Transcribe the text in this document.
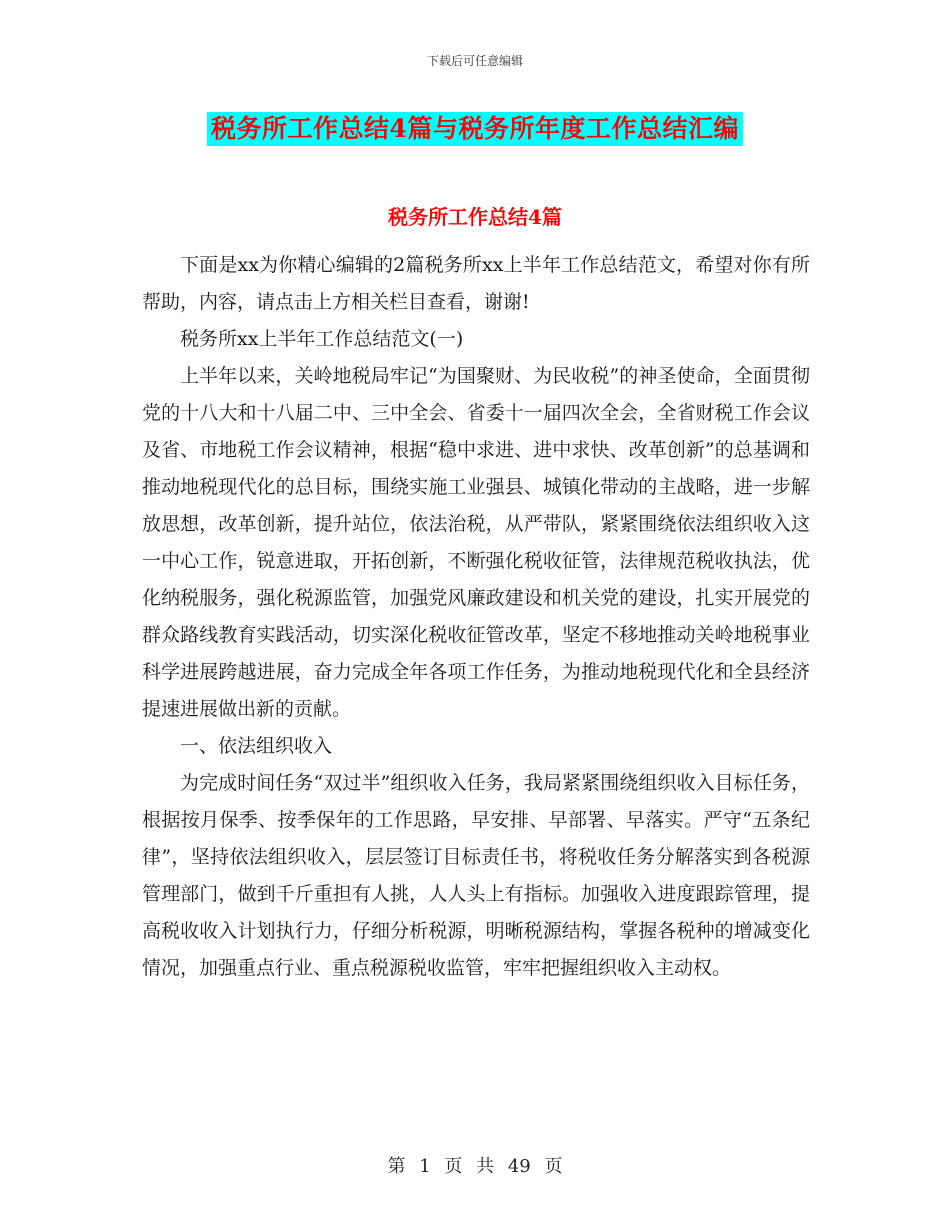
下载后可任意编辑
税务所工作总结4篇与税务所年度工作总结汇编
税务所工作总结4篇

下面是xx为你精心编辑的2篇税务所xx上半年工作总结范文，希望对你有所帮助，内容，请点击上方相关栏目查看，谢谢!

税务所xx上半年工作总结范文(一)

上半年以来，关岭地税局牢记“为国聚财、为民收税”的神圣使命，全面贯彻党的十八大和十八届二中、三中全会、省委十一届四次全会，全省财税工作会议及省、市地税工作会议精神，根据“稳中求进、进中求快、改革创新”的总基调和推动地税现代化的总目标，围绕实施工业强县、城镇化带动的主战略，进一步解放思想，改革创新，提升站位，依法治税，从严带队，紧紧围绕依法组织收入这一中心工作，锐意进取，开拓创新，不断强化税收征管，法律规范税收执法，优化纳税服务，强化税源监管，加强党风廉政建设和机关党的建设，扎实开展党的群众路线教育实践活动，切实深化税收征管改革，坚定不移地推动关岭地税事业科学进展跨越进展，奋力完成全年各项工作任务，为推动地税现代化和全县经济提速进展做出新的贡献。

一、依法组织收入

为完成时间任务“双过半”组织收入任务，我局紧紧围绕组织收入目标任务，根据按月保季、按季保年的工作思路，早安排、早部署、早落实。严守“五条纪律”，坚持依法组织收入，层层签订目标责任书，将税收任务分解落实到各税源管理部门，做到千斤重担有人挑，人人头上有指标。加强收入进度跟踪管理，提高税收收入计划执行力，仔细分析税源，明晰税源结构，掌握各税种的增减变化情况，加强重点行业、重点税源税收监管，牢牢把握组织收入主动权。

第 1 页 共 49 页
